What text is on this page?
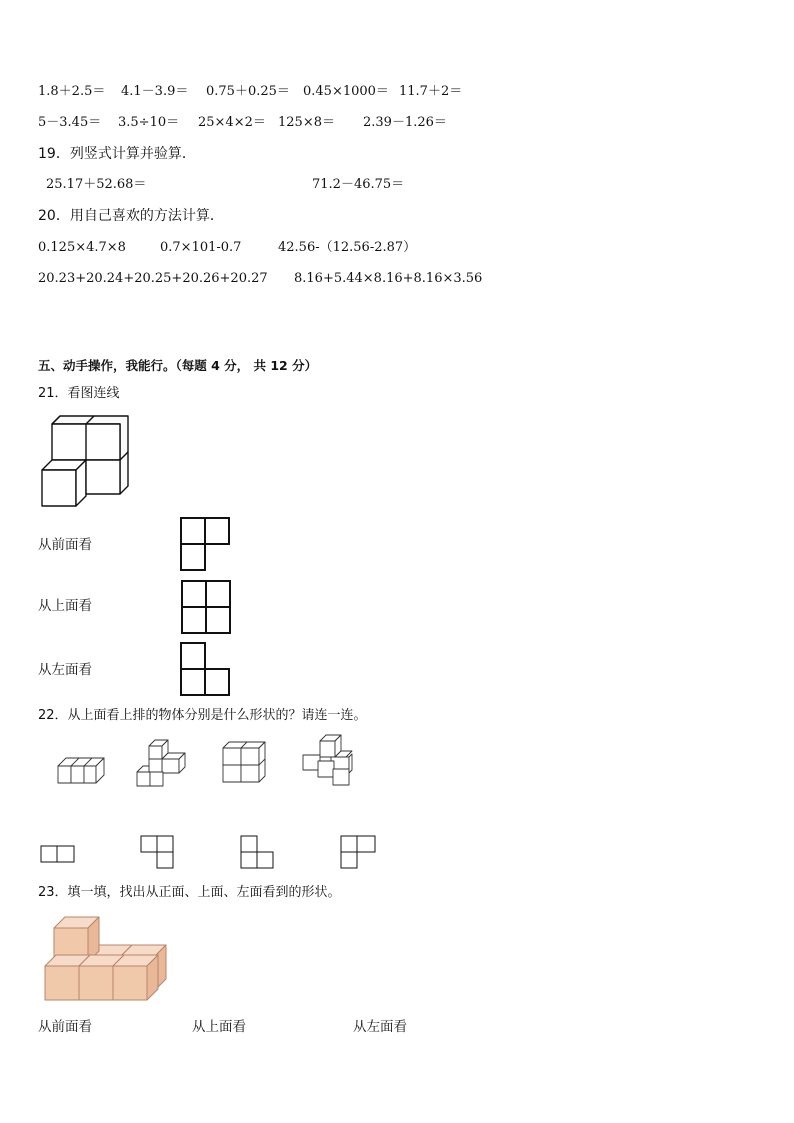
1.8＋2.5＝ 4.1－3.9＝ 0.75＋0.25＝ 0.45×1000＝ 11.7＋2＝
5－3.45＝ 3.5÷10＝ 25×4×2＝ 125×8＝ 2.39－1.26＝
19．列竖式计算并验算．
25.17＋52.68＝	71.2－46.75＝
20．用自己喜欢的方法计算．
0.125×4.7×8	0.7×101-0.7	42.56-（12.56-2.87）
20.23+20.24+20.25+20.26+20.27 8.16+5.44×8.16+8.16×3.56
五、动手操作，我能行。（每题 4 分， 共 12 分）
21．看图连线
从前面看
从上面看
从左面看
22．从上面看上排的物体分别是什么形状的？请连一连。
23．填一填，找出从正面、上面、左面看到的形状。
从前面看	从上面看	从左面看
